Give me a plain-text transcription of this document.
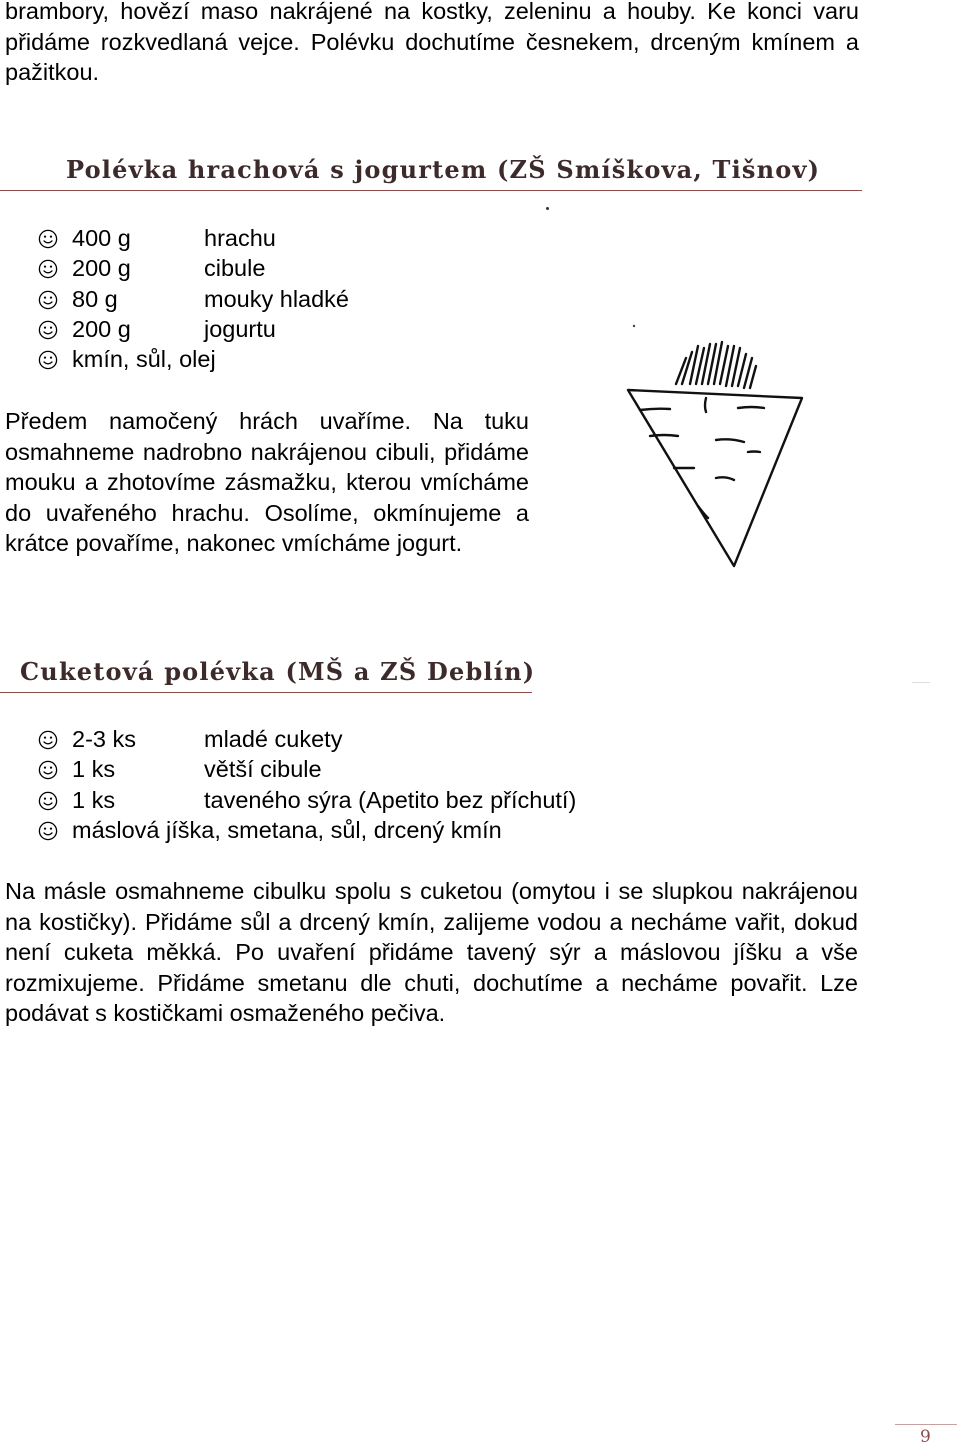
brambory, hovězí maso nakrájené na kostky, zeleninu a houby. Ke konci varu přidáme rozkvedlaná vejce. Polévku dochutíme česnekem, drceným kmínem a pažitkou.

Polévka hrachová s jogurtem (ZŠ Smíškova, Tišnov)
400 g	hrachu
200 g	cibule
80 g	mouky hladké
200 g	jogurtu
kmín, sůl, olej

Předem namočený hrách uvaříme. Na tuku osmahneme nadrobno nakrájenou cibuli, přidáme mouku a zhotovíme zásmažku, kterou vmícháme do uvařeného hrachu. Osolíme, okmínujeme a krátce povaříme, nakonec vmícháme jogurt.

Cuketová polévka (MŠ a ZŠ Deblín)
2-3 ks	mladé cukety
1 ks	větší cibule
1 ks	taveného sýra (Apetito bez příchutí)
máslová jíška, smetana, sůl, drcený kmín

Na másle osmahneme cibulku spolu s cuketou (omytou i se slupkou nakrájenou na kostičky). Přidáme sůl a drcený kmín, zalijeme vodou a necháme vařit, dokud není cuketa měkká. Po uvaření přidáme tavený sýr a máslovou jíšku a vše rozmixujeme. Přidáme smetanu dle chuti, dochutíme a necháme povařit. Lze podávat s kostičkami osmaženého pečiva.

9
